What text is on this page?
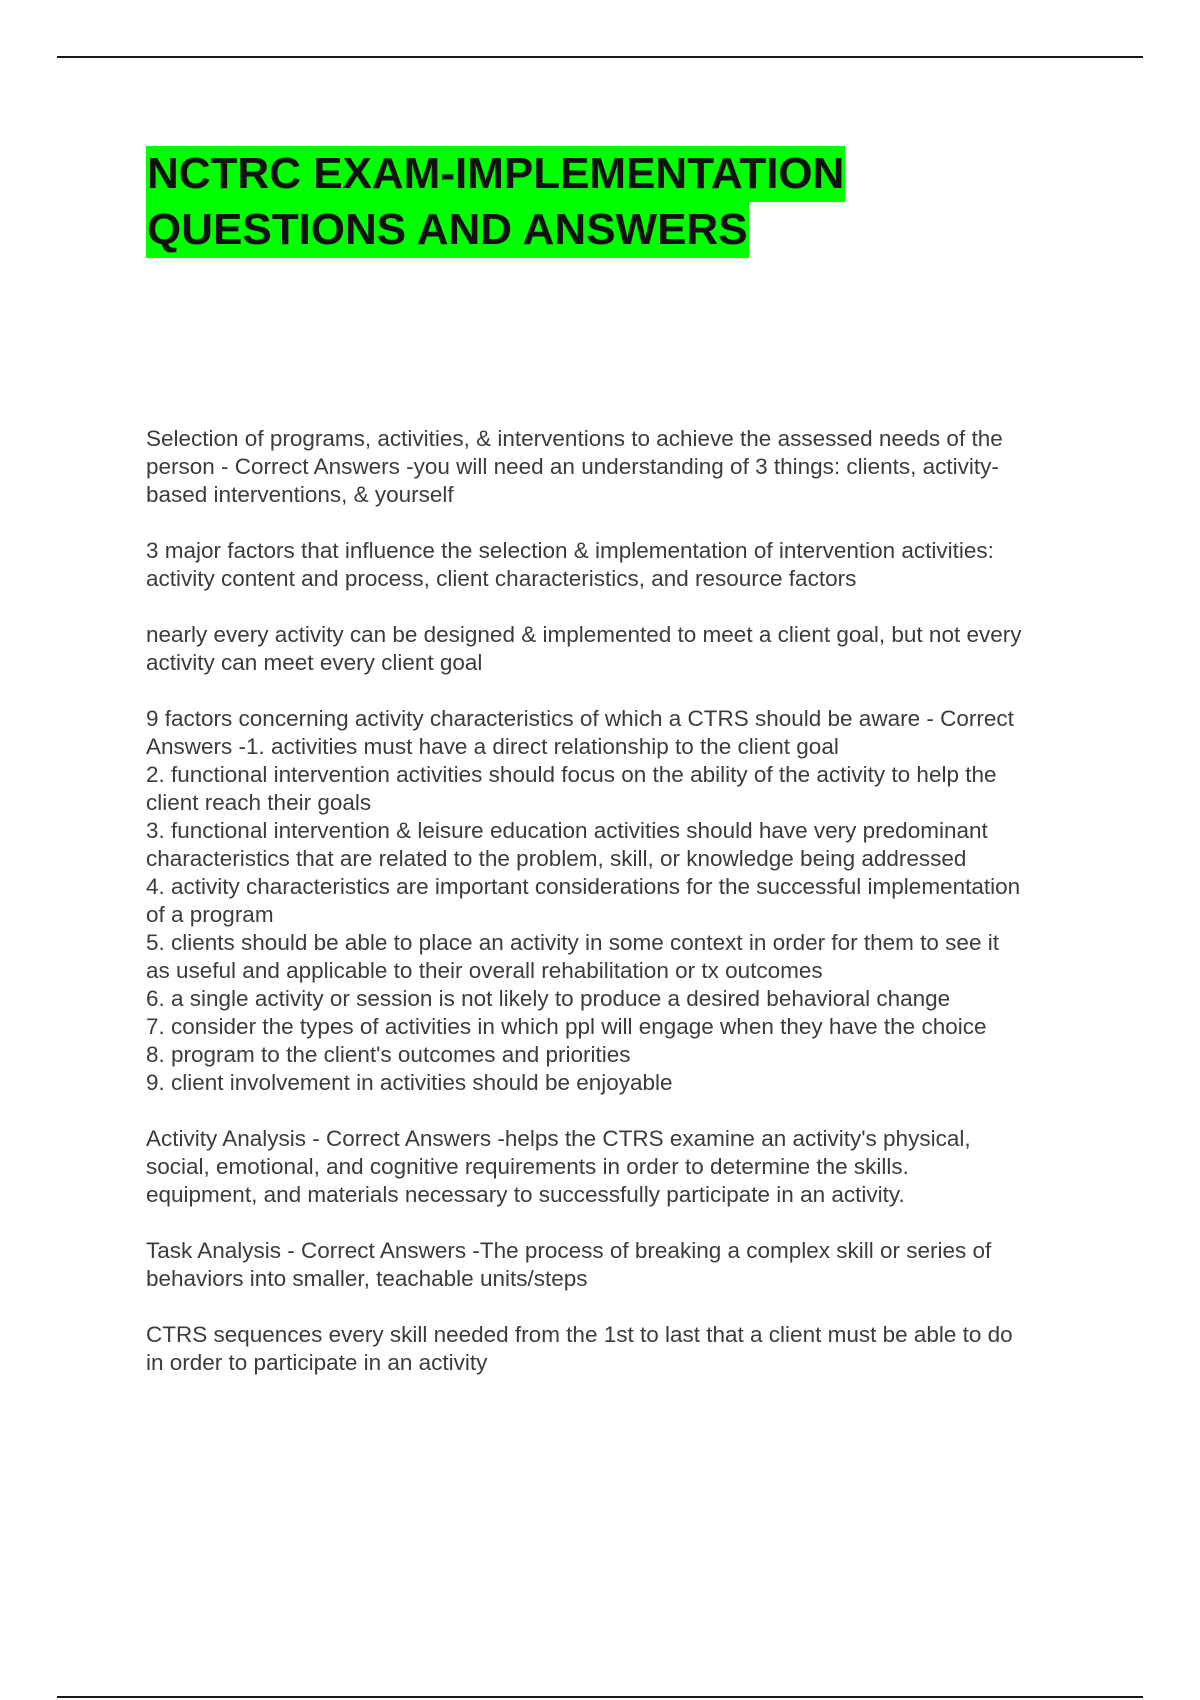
NCTRC EXAM-IMPLEMENTATION
QUESTIONS AND ANSWERS

Selection of programs, activities, & interventions to achieve the assessed needs of the
person - Correct Answers -you will need an understanding of 3 things: clients, activity-
based interventions, & yourself

3 major factors that influence the selection & implementation of intervention activities:
activity content and process, client characteristics, and resource factors

nearly every activity can be designed & implemented to meet a client goal, but not every
activity can meet every client goal

9 factors concerning activity characteristics of which a CTRS should be aware - Correct
Answers -1. activities must have a direct relationship to the client goal
2. functional intervention activities should focus on the ability of the activity to help the
client reach their goals
3. functional intervention & leisure education activities should have very predominant
characteristics that are related to the problem, skill, or knowledge being addressed
4. activity characteristics are important considerations for the successful implementation
of a program
5. clients should be able to place an activity in some context in order for them to see it
as useful and applicable to their overall rehabilitation or tx outcomes
6. a single activity or session is not likely to produce a desired behavioral change
7. consider the types of activities in which ppl will engage when they have the choice
8. program to the client's outcomes and priorities
9. client involvement in activities should be enjoyable

Activity Analysis - Correct Answers -helps the CTRS examine an activity's physical,
social, emotional, and cognitive requirements in order to determine the skills.
equipment, and materials necessary to successfully participate in an activity.

Task Analysis - Correct Answers -The process of breaking a complex skill or series of
behaviors into smaller, teachable units/steps

CTRS sequences every skill needed from the 1st to last that a client must be able to do
in order to participate in an activity
